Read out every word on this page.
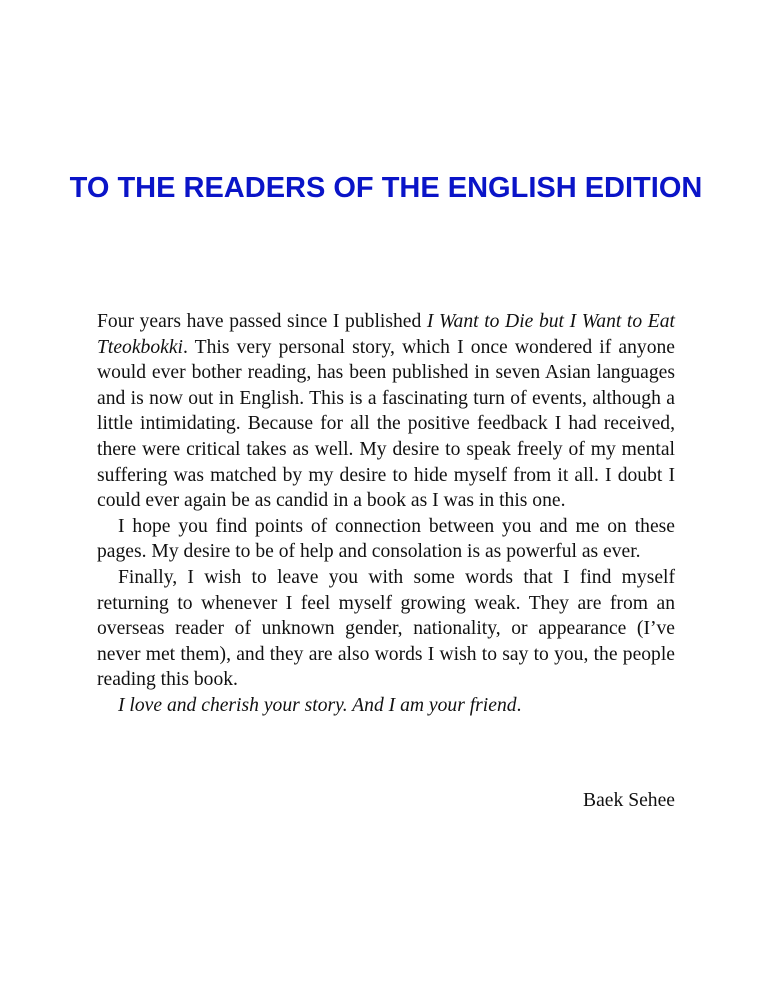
TO THE READERS OF THE ENGLISH EDITION

Four years have passed since I published I Want to Die but I Want to Eat Tteokbokki. This very personal story, which I once wondered if anyone would ever bother reading, has been published in seven Asian languages and is now out in English. This is a fascinating turn of events, although a little intimidating. Because for all the positive feedback I had received, there were critical takes as well. My desire to speak freely of my mental suffering was matched by my desire to hide myself from it all. I doubt I could ever again be as candid in a book as I was in this one.

I hope you find points of connection between you and me on these pages. My desire to be of help and consolation is as powerful as ever.

Finally, I wish to leave you with some words that I find myself returning to whenever I feel myself growing weak. They are from an overseas reader of unknown gender, nationality, or appearance (I’ve never met them), and they are also words I wish to say to you, the people reading this book.

I love and cherish your story. And I am your friend.

Baek Sehee
